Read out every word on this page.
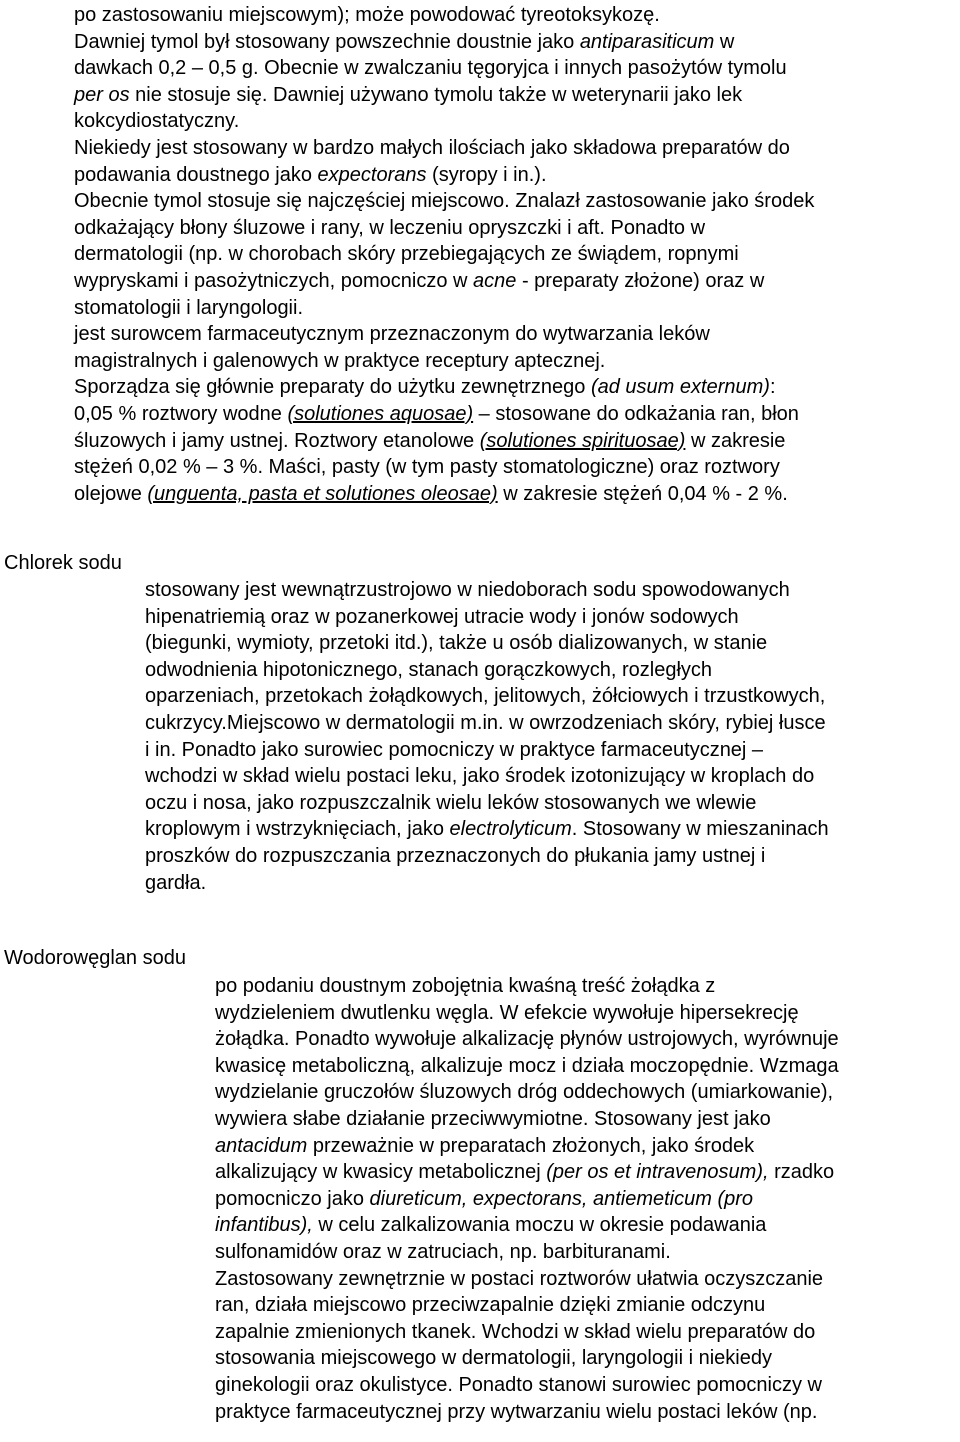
po zastosowaniu miejscowym); może powodować tyreotoksykozę.
Dawniej tymol był stosowany powszechnie doustnie jako antiparasiticum w
dawkach 0,2 – 0,5 g. Obecnie w zwalczaniu tęgoryjca i innych pasożytów tymolu
per os nie stosuje się. Dawniej używano tymolu także w weterynarii jako lek
kokcydiostatyczny.
Niekiedy jest stosowany w bardzo małych ilościach jako składowa preparatów do
podawania doustnego jako expectorans (syropy i in.).
Obecnie tymol stosuje się najczęściej miejscowo. Znalazł zastosowanie jako środek
odkażający błony śluzowe i rany, w leczeniu opryszczki i aft. Ponadto w
dermatologii (np. w chorobach skóry przebiegających ze świądem, ropnymi
wypryskami i pasożytniczych, pomocniczo w acne - preparaty złożone) oraz w
stomatologii i laryngologii.
jest surowcem farmaceutycznym przeznaczonym do wytwarzania leków
magistralnych i galenowych w praktyce receptury aptecznej.
Sporządza się głównie preparaty do użytku zewnętrznego (ad usum externum):
0,05 % roztwory wodne (solutiones aquosae) – stosowane do odkażania ran, błon
śluzowych i jamy ustnej. Roztwory etanolowe (solutiones spirituosae) w zakresie
stężeń 0,02 % – 3 %. Maści, pasty (w tym pasty stomatologiczne) oraz roztwory
olejowe (unguenta, pasta et solutiones oleosae) w zakresie stężeń 0,04 % - 2 %.
Chlorek sodu
stosowany jest wewnątrzustrojowo w niedoborach sodu spowodowanych
hipenatriemią oraz w pozanerkowej utracie wody i jonów sodowych
(biegunki, wymioty, przetoki itd.), także u osób dializowanych, w stanie
odwodnienia hipotonicznego, stanach gorączkowych, rozległych
oparzeniach, przetokach żołądkowych, jelitowych, żółciowych i trzustkowych,
cukrzycy.Miejscowo w dermatologii m.in. w owrzodzeniach skóry, rybiej łusce
i in. Ponadto jako surowiec pomocniczy w praktyce farmaceutycznej –
wchodzi w skład wielu postaci leku, jako środek izotonizujący w kroplach do
oczu i nosa, jako rozpuszczalnik wielu leków stosowanych we wlewie
kroplowym i wstrzyknięciach, jako electrolyticum. Stosowany w mieszaninach
proszków do rozpuszczania przeznaczonych do płukania jamy ustnej i
gardła.
Wodorowęglan sodu
po podaniu doustnym zobojętnia kwaśną treść żołądka z
wydzieleniem dwutlenku węgla. W efekcie wywołuje hipersekrecję
żołądka. Ponadto wywołuje alkalizację płynów ustrojowych, wyrównuje
kwasicę metaboliczną, alkalizuje mocz i działa moczopędnie. Wzmaga
wydzielanie gruczołów śluzowych dróg oddechowych (umiarkowanie),
wywiera słabe działanie przeciwwymiotne. Stosowany jest jako
antacidum przeważnie w preparatach złożonych, jako środek
alkalizujący w kwasicy metabolicznej (per os et intravenosum), rzadko
pomocniczo jako diureticum, expectorans, antiemeticum (pro
infantibus), w celu zalkalizowania moczu w okresie podawania
sulfonamidów oraz w zatruciach, np. barbituranami.
Zastosowany zewnętrznie w postaci roztworów ułatwia oczyszczanie
ran, działa miejscowo przeciwzapalnie dzięki zmianie odczynu
zapalnie zmienionych tkanek. Wchodzi w skład wielu preparatów do
stosowania miejscowego w dermatologii, laryngologii i niekiedy
ginekologii oraz okulistyce. Ponadto stanowi surowiec pomocniczy w
praktyce farmaceutycznej przy wytwarzaniu wielu postaci leków (np.
